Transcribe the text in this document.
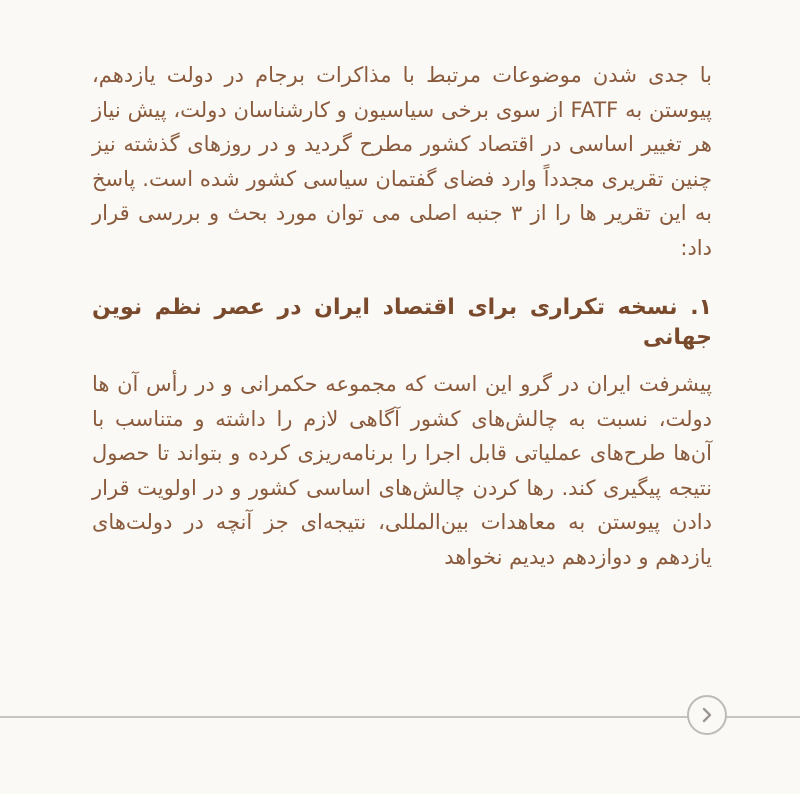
با جدی شدن موضوعات مرتبط با مذاکرات برجام در دولت یازدهم، پیوستن به FATF از سوی برخی سیاسیون و کارشناسان دولت، پیش نیاز هر تغییر اساسی در اقتصاد کشور مطرح گردید و در روزهای گذشته نیز چنین تقریری مجدداً وارد فضای گفتمان سیاسی کشور شده است. پاسخ به این تقریر ها را از ۳ جنبه اصلی می توان مورد بحث و بررسی قرار داد:

۱. نسخه تکراری برای اقتصاد ایران در عصر نظم نوین جهانی

پیشرفت ایران در گرو این است که مجموعه حکمرانی و در رأس آن ها دولت، نسبت به چالش‌های کشور آگاهی لازم را داشته و متناسب با آن‌ها طرح‌های عملیاتی قابل اجرا را برنامه‌ریزی کرده و بتواند تا حصول نتیجه پیگیری کند. رها کردن چالش‌های اساسی کشور و در اولویت قرار دادن پیوستن به معاهدات بین‌المللی، نتیجه‌ای جز آنچه در دولت‌های یازدهم و دوازدهم دیدیم نخواهد
